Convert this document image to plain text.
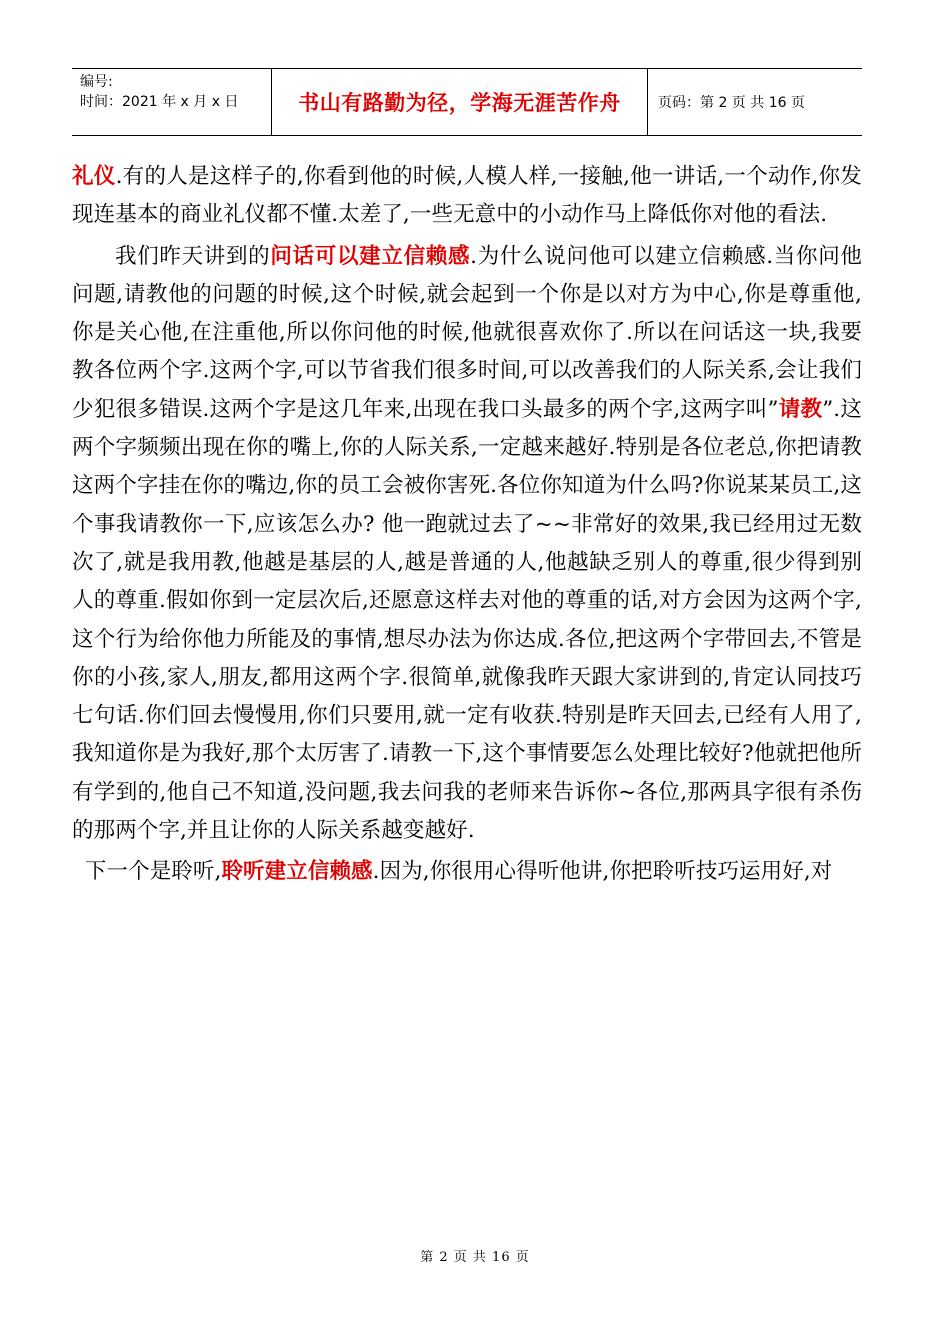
编号:
时间：2021 年 x 月 x 日	书山有路勤为径，学海无涯苦作舟	页码：第 2 页 共 16 页

礼仪.有的人是这样子的,你看到他的时候,人模人样,一接触,他一讲话,一个动作,你发现连基本的商业礼仪都不懂.太差了,一些无意中的小动作马上降低你对他的看法.

我们昨天讲到的问话可以建立信赖感.为什么说问他可以建立信赖感.当你问他问题,请教他的问题的时候,这个时候,就会起到一个你是以对方为中心,你是尊重他,你是关心他,在注重他,所以你问他的时候,他就很喜欢你了.所以在问话这一块,我要教各位两个字.这两个字,可以节省我们很多时间,可以改善我们的人际关系,会让我们少犯很多错误.这两个字是这几年来,出现在我口头最多的两个字,这两字叫”请教”.这两个字频频出现在你的嘴上,你的人际关系,一定越来越好.特别是各位老总,你把请教这两个字挂在你的嘴边,你的员工会被你害死.各位你知道为什么吗?你说某某员工,这个事我请教你一下,应该怎么办? 他一跑就过去了~~非常好的效果,我已经用过无数次了,就是我用教,他越是基层的人,越是普通的人,他越缺乏别人的尊重,很少得到别人的尊重.假如你到一定层次后,还愿意这样去对他的尊重的话,对方会因为这两个字,这个行为给你他力所能及的事情,想尽办法为你达成.各位,把这两个字带回去,不管是你的小孩,家人,朋友,都用这两个字.很简单,就像我昨天跟大家讲到的,肯定认同技巧七句话.你们回去慢慢用,你们只要用,就一定有收获.特别是昨天回去,已经有人用了,我知道你是为我好,那个太厉害了.请教一下,这个事情要怎么处理比较好?他就把他所有学到的,他自己不知道,没问题,我去问我的老师来告诉你~各位,那两具字很有杀伤的那两个字,并且让你的人际关系越变越好.

下一个是聆听,聆听建立信赖感.因为,你很用心得听他讲,你把聆听技巧运用好,对

第 2 页 共 16 页
